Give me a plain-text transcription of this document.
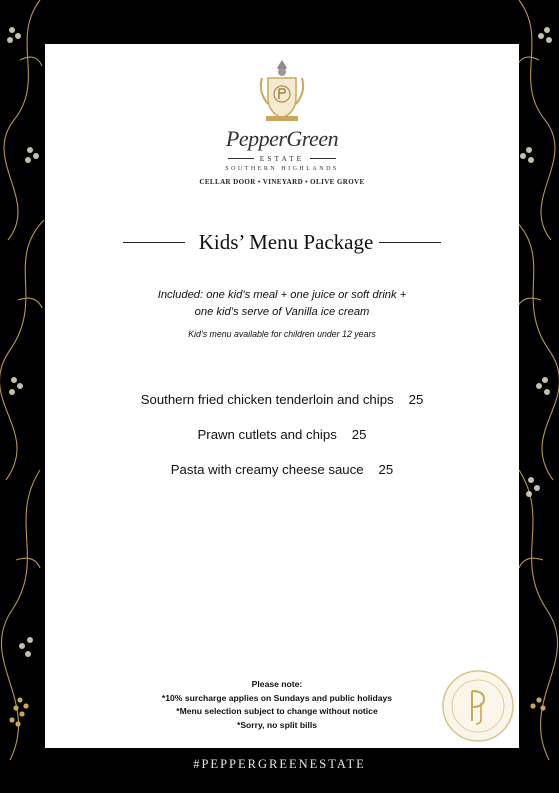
PepperGreen
ESTATE
SOUTHERN HIGHLANDS
CELLAR DOOR • VINEYARD • OLIVE GROVE
Kids’ Menu Package
Included: one kid’s meal + one juice or soft drink +
one kid’s serve of Vanilla ice cream
Kid’s menu available for children under 12 years
Southern fried chicken tenderloin and chips 25
Prawn cutlets and chips 25
Pasta with creamy cheese sauce 25
Please note:
*10% surcharge applies on Sundays and public holidays
*Menu selection subject to change without notice
*Sorry, no split bills
#PEPPERGREENESTATE
